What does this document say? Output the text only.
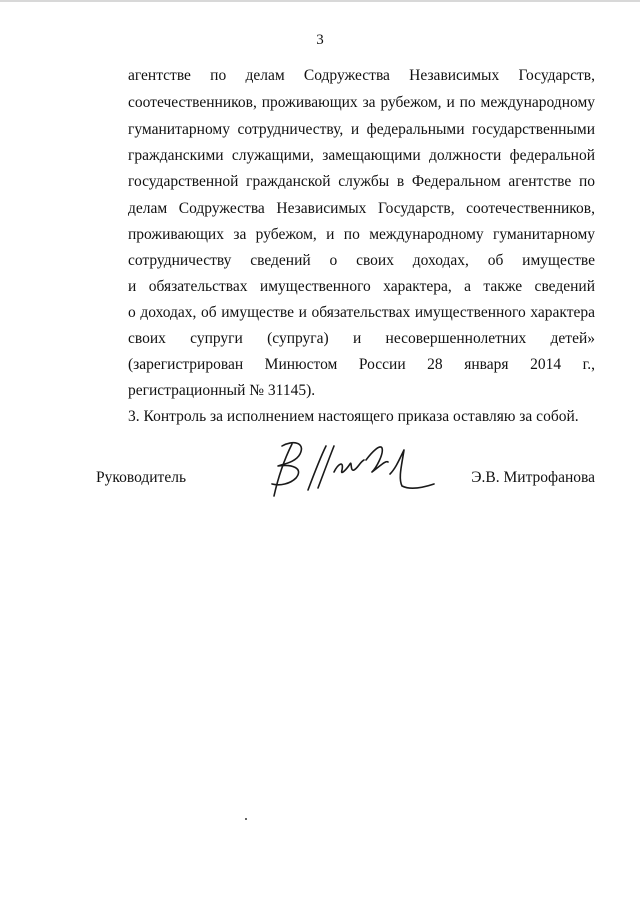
3
агентстве по делам Содружества Независимых Государств,
соотечественников, проживающих за рубежом, и по международному
гуманитарному сотрудничеству, и федеральными государственными
гражданскими служащими, замещающими должности федеральной
государственной гражданской службы в Федеральном агентстве по
делам Содружества Независимых Государств, соотечественников,
проживающих за рубежом, и по международному гуманитарному
сотрудничеству сведений о своих доходах, об имуществе
и обязательствах имущественного характера, а также сведений
о доходах, об имуществе и обязательствах имущественного характера
своих супруги (супруга) и несовершеннолетних детей»
(зарегистрирован Минюстом России 28 января 2014 г.,
регистрационный № 31145).
3. Контроль за исполнением настоящего приказа оставляю за собой.
Руководитель	Э.В. Митрофанова
